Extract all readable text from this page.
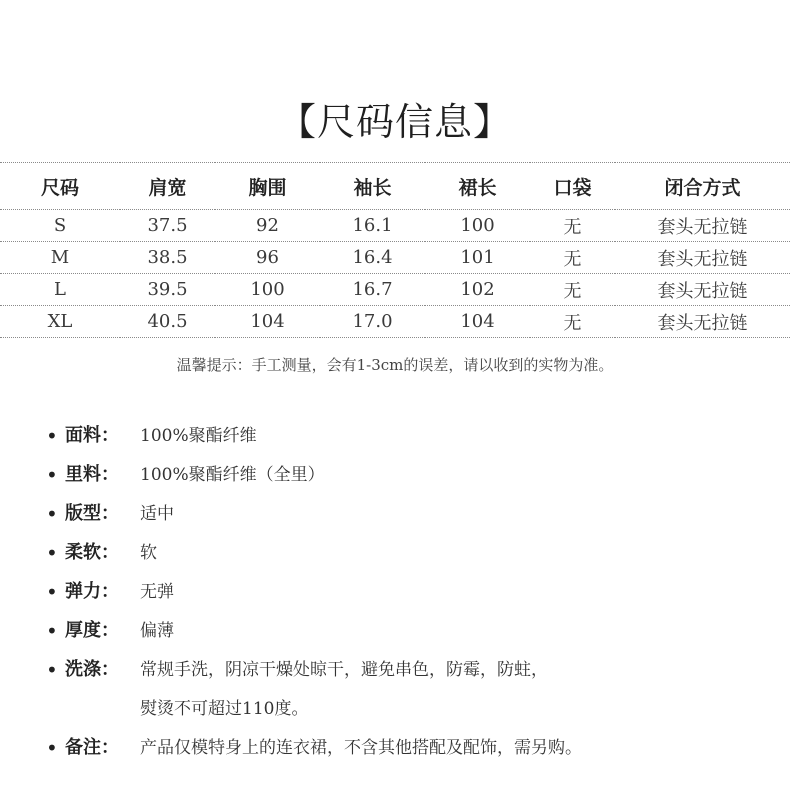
【尺码信息】
尺码	肩宽	胸围	袖长	裙长	口袋	闭合方式
S	37.5	92	16.1	100	无	套头无拉链
M	38.5	96	16.4	101	无	套头无拉链
L	39.5	100	16.7	102	无	套头无拉链
XL	40.5	104	17.0	104	无	套头无拉链
温馨提示：手工测量，会有1-3cm的误差，请以收到的实物为准。
• 面料： 100%聚酯纤维
• 里料： 100%聚酯纤维（全里）
• 版型： 适中
• 柔软： 软
• 弹力： 无弹
• 厚度： 偏薄
• 洗涤： 常规手洗，阴凉干燥处晾干，避免串色，防霉，防蛀，
熨烫不可超过110度。
• 备注： 产品仅模特身上的连衣裙，不含其他搭配及配饰，需另购。
